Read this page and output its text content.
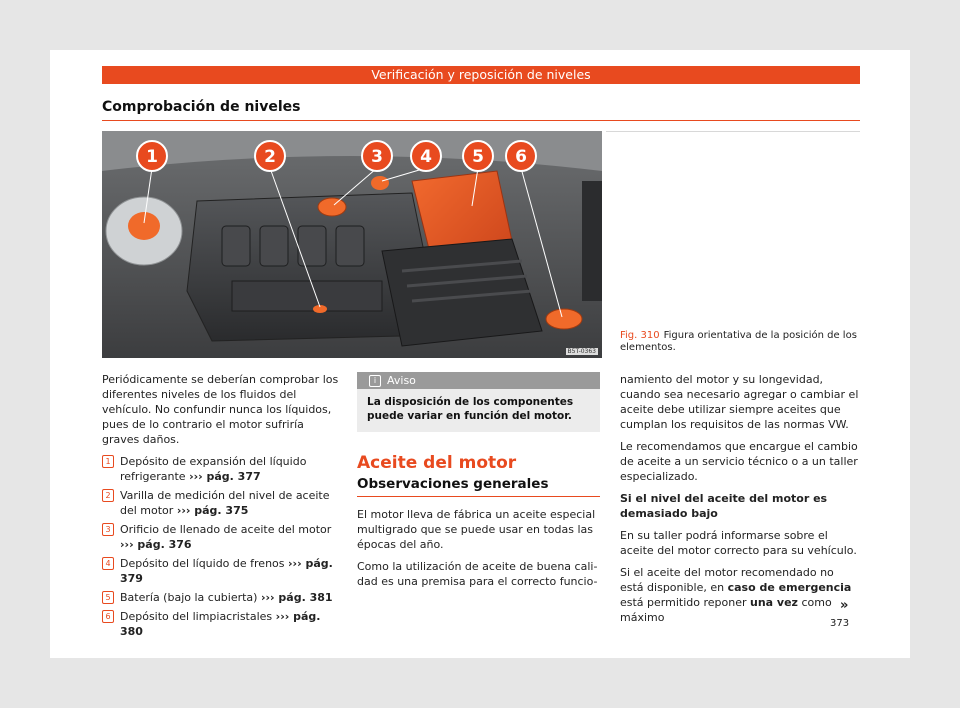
Verificación y reposición de niveles
Comprobación de niveles
1	2	3 4 5 6
B5T-0363
Fig. 310 Figura orientativa de la posición de los elementos.

Periódicamente se deberían comprobar los diferentes niveles de los fluidos del vehículo. No confundir nunca los líquidos, pues de lo contrario el motor sufriría graves daños.

1 Depósito de expansión del líquido refrigerante ››› pág. 377
2 Varilla de medición del nivel de aceite del motor ››› pág. 375
3 Orificio de llenado de aceite del motor ››› pág. 376
4 Depósito del líquido de frenos ››› pág. 379
5 Batería (bajo la cubierta) ››› pág. 381
6 Depósito del limpiacristales ››› pág. 380
i Aviso
La disposición de los componentes puede variar en función del motor.
Aceite del motor
Observaciones generales

El motor lleva de fábrica un aceite especial multigrado que se puede usar en todas las épocas del año.

Como la utilización de aceite de buena calidad es una premisa para el correcto funcio-

namiento del motor y su longevidad, cuando sea necesario agregar o cambiar el aceite debe utilizar siempre aceites que cumplan los requisitos de las normas VW.

Le recomendamos que encargue el cambio de aceite a un servicio técnico o a un taller especializado.

Si el nivel del aceite del motor es demasiado bajo

En su taller podrá informarse sobre el aceite del motor correcto para su vehículo.

Si el aceite del motor recomendado no está disponible, en caso de emergencia está permitido reponer una vez como máximo

»
373
